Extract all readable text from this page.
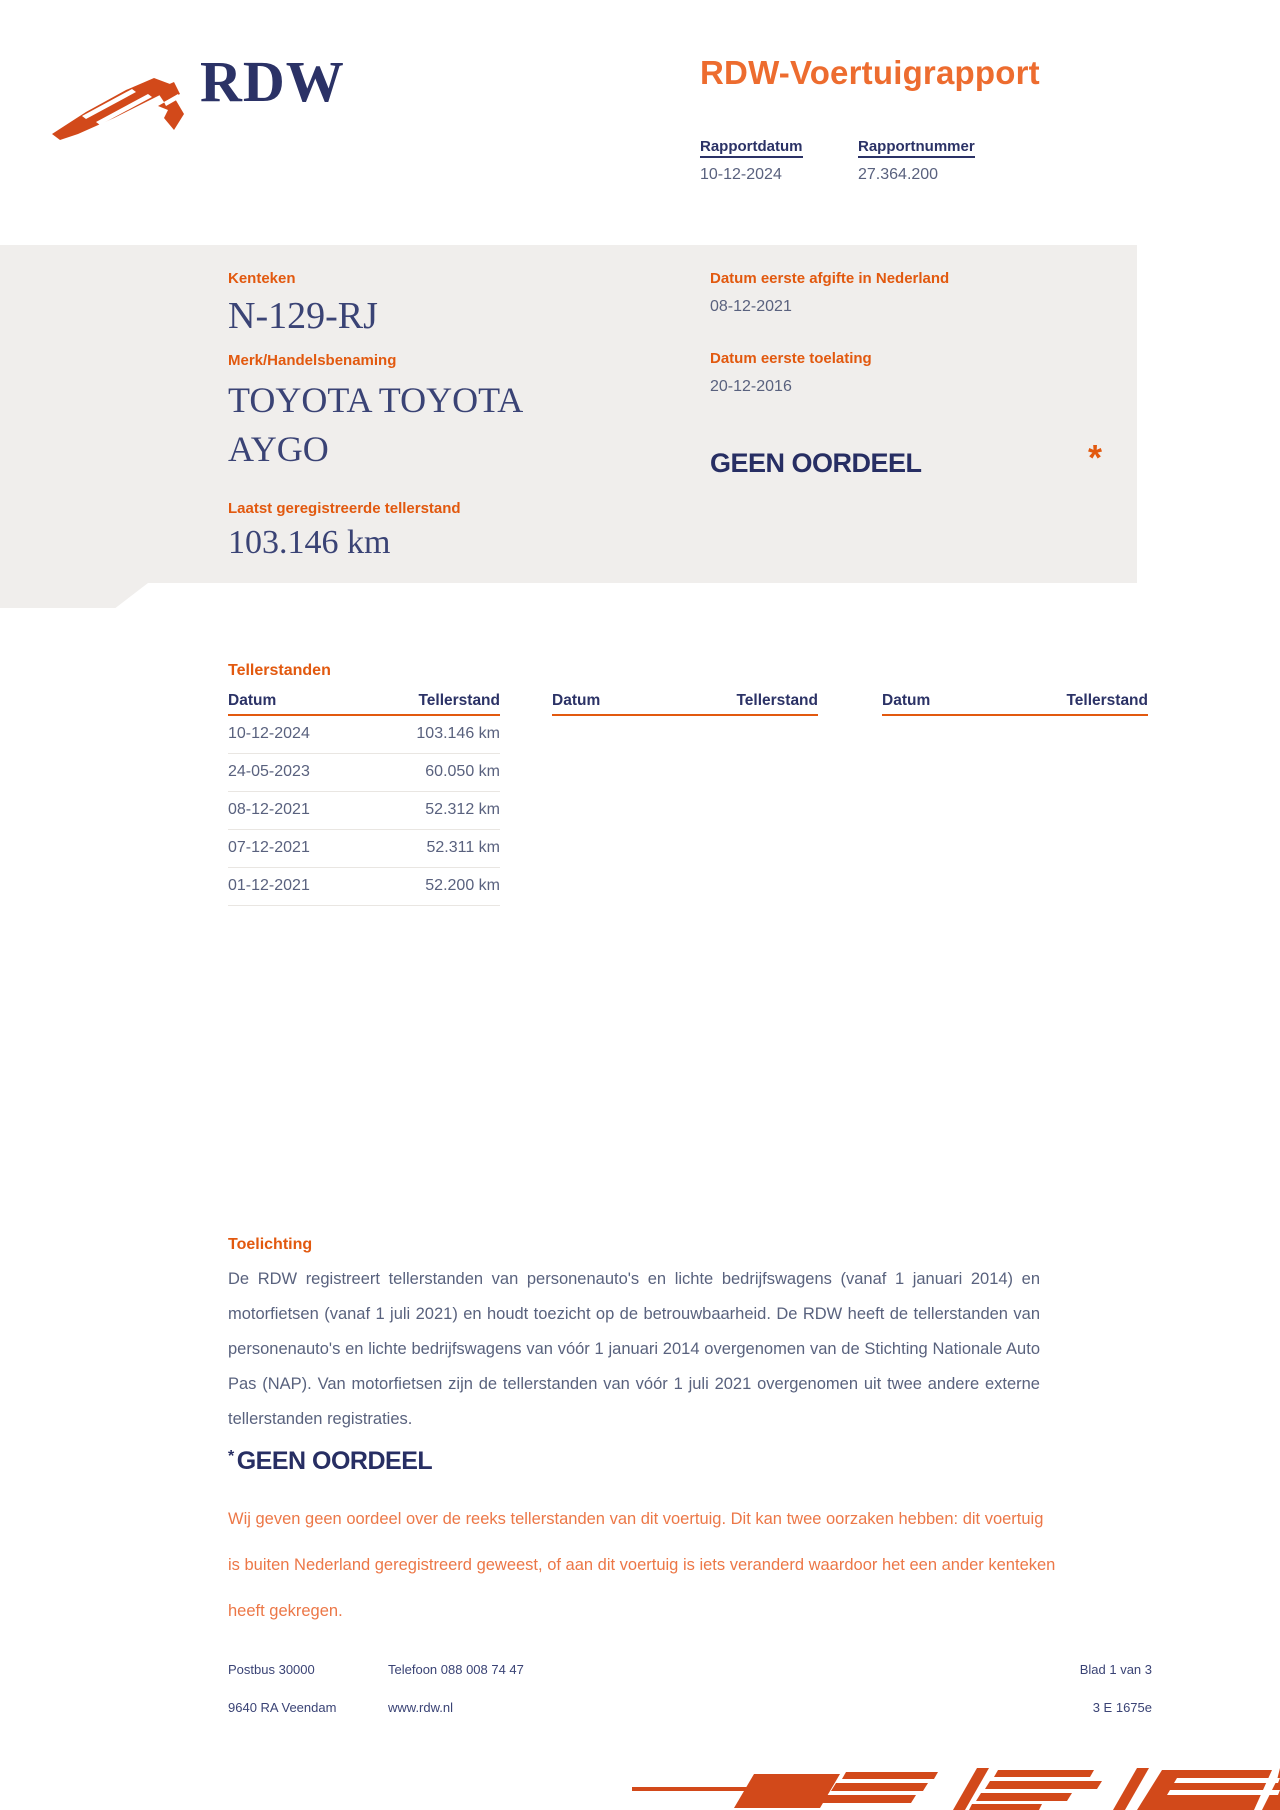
RDW	RDW-Voertuigrapport
Rapportdatum
10-12-2024
Rapportnummer
27.364.200
Kenteken
N-129-RJ
Merk/Handelsbenaming
TOYOTA TOYOTA
AYGO
Laatst geregistreerde tellerstand
103.146 km
Datum eerste afgifte in Nederland
08-12-2021
Datum eerste toelating
20-12-2016
GEEN OORDEEL	*
Tellerstanden
Datum	Tellerstand
10-12-2024	103.146 km
24-05-2023	60.050 km
08-12-2021	52.312 km
07-12-2021	52.311 km
01-12-2021	52.200 km
Datum	Tellerstand	Datum	Tellerstand
Toelichting
De RDW registreert tellerstanden van personenauto's en lichte bedrijfswagens (vanaf 1 januari 2014) en motorfietsen (vanaf 1 juli 2021) en houdt toezicht op de betrouwbaarheid. De RDW heeft de tellerstanden van personenauto's en lichte bedrijfswagens van vóór 1 januari 2014 overgenomen van de Stichting Nationale Auto Pas (NAP). Van motorfietsen zijn de tellerstanden van vóór 1 juli 2021 overgenomen uit twee andere externe tellerstanden registraties.
* GEEN OORDEEL
Wij geven geen oordeel over de reeks tellerstanden van dit voertuig. Dit kan twee oorzaken hebben: dit voertuig is buiten Nederland geregistreerd geweest, of aan dit voertuig is iets veranderd waardoor het een ander kenteken heeft gekregen.
Postbus 30000
9640 RA Veendam
Telefoon 088 008 74 47
www.rdw.nl
Blad 1 van 3
3 E 1675e
